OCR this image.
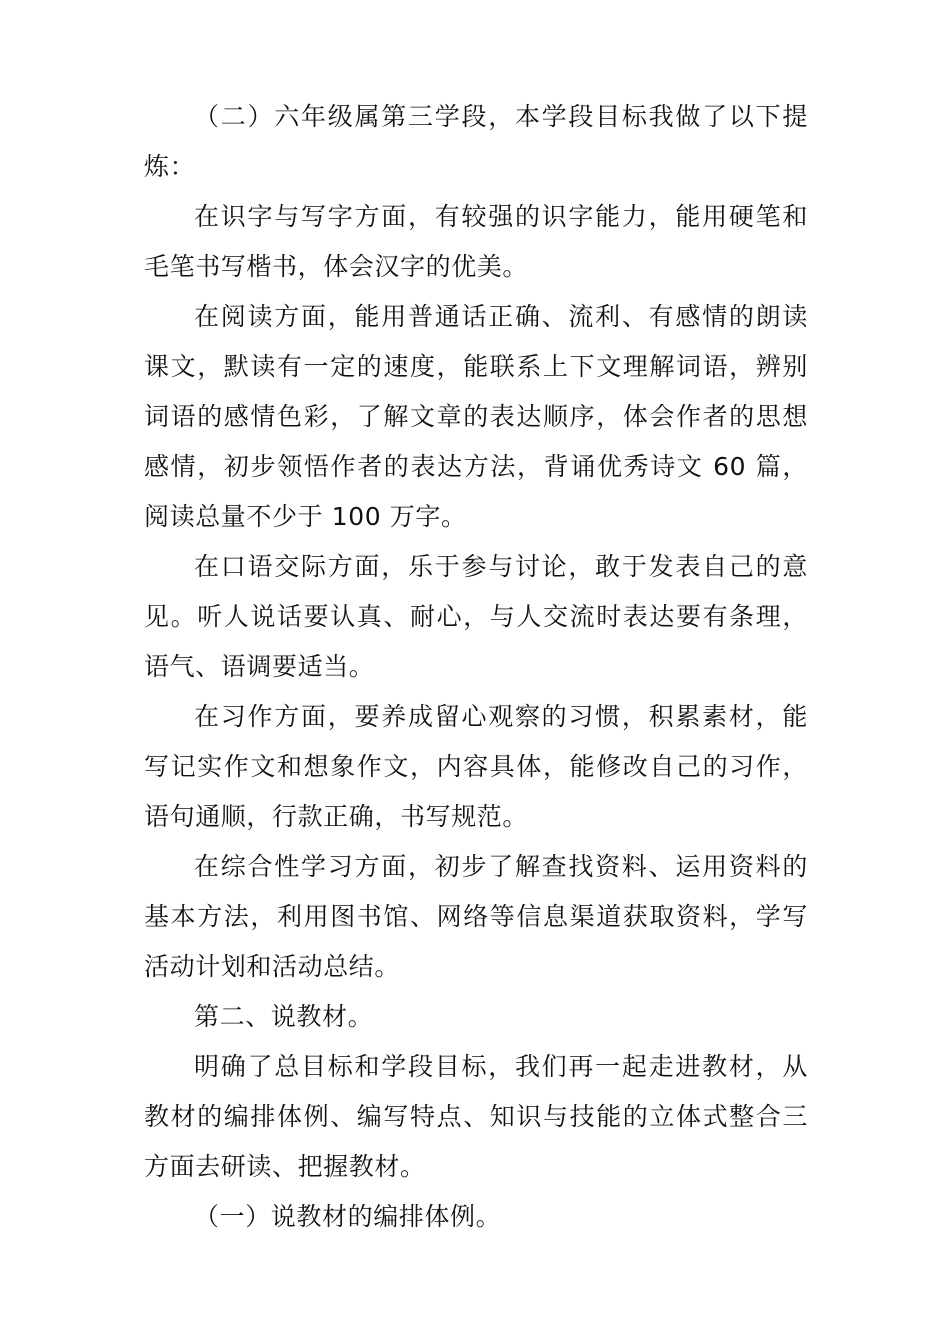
（二）六年级属第三学段，本学段目标我做了以下提炼：

在识字与写字方面，有较强的识字能力，能用硬笔和毛笔书写楷书，体会汉字的优美。

在阅读方面，能用普通话正确、流利、有感情的朗读课文，默读有一定的速度，能联系上下文理解词语，辨别词语的感情色彩，了解文章的表达顺序，体会作者的思想感情，初步领悟作者的表达方法，背诵优秀诗文 60 篇，阅读总量不少于 100 万字。

在口语交际方面，乐于参与讨论，敢于发表自己的意见。听人说话要认真、耐心，与人交流时表达要有条理，语气、语调要适当。

在习作方面，要养成留心观察的习惯，积累素材，能写记实作文和想象作文，内容具体，能修改自己的习作，语句通顺，行款正确，书写规范。

在综合性学习方面，初步了解查找资料、运用资料的基本方法，利用图书馆、网络等信息渠道获取资料，学写活动计划和活动总结。

第二、说教材。

明确了总目标和学段目标，我们再一起走进教材，从教材的编排体例、编写特点、知识与技能的立体式整合三方面去研读、把握教材。

（一）说教材的编排体例。
